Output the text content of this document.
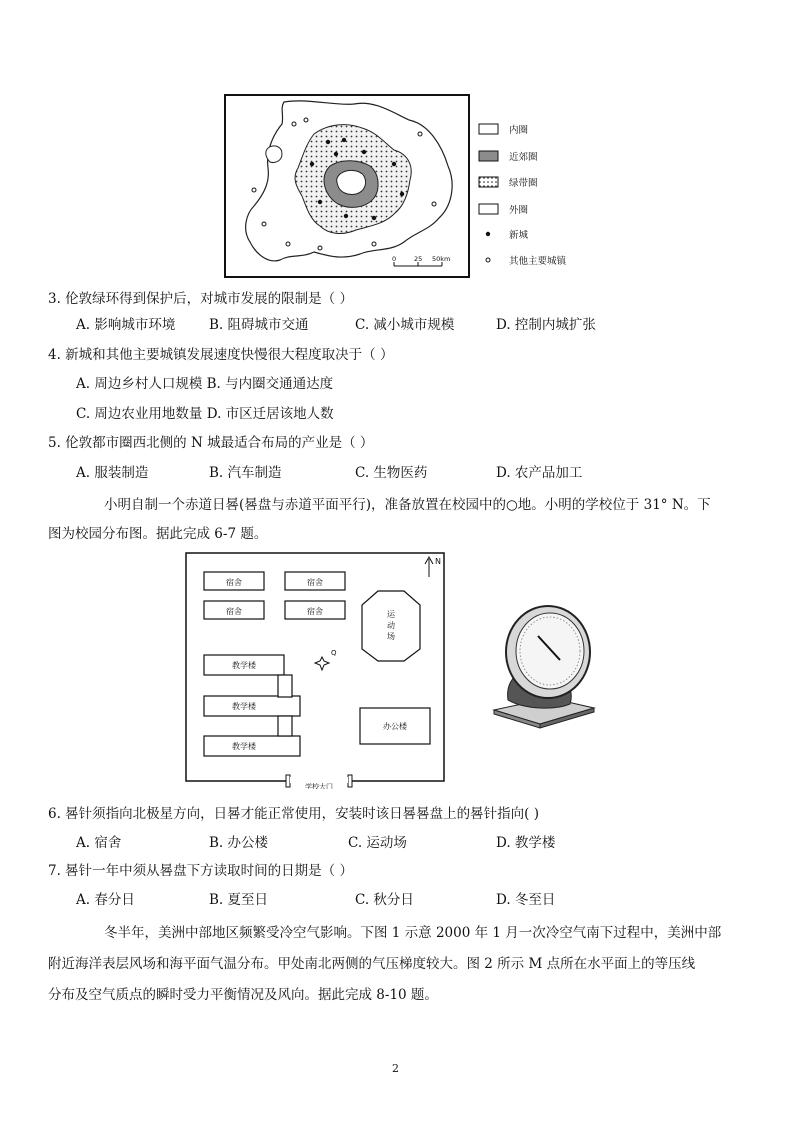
0	25 50km
内圈
近郊圈
绿带圈
外圈
新城
其他主要城镇
3. 伦敦绿环得到保护后，对城市发展的限制是（ ）
A. 影响城市环境 B. 阻碍城市交通	C. 减小城市规模	D. 控制内城扩张
4. 新城和其他主要城镇发展速度快慢很大程度取决于（ ）
A. 周边乡村人口规模 B. 与内圈交通通达度
C. 周边农业用地数量 D. 市区迁居该地人数
5. 伦敦都市圈西北侧的 N 城最适合布局的产业是（ ）
A. 服装制造	B. 汽车制造	C. 生物医药	D. 农产品加工
小明自制一个赤道日晷(晷盘与赤道平面平行)，准备放置在校园中的○地。小明的学校位于 31° N。下
图为校园分布图。据此完成 6-7 题。
宿舍	宿舍
宿舍	宿舍	运
动
场
N
教学楼
教学楼
教学楼
Q
办公楼
学校大门
6. 晷针须指向北极星方向，日晷才能正常使用，安装时该日晷晷盘上的晷针指向( )
A. 宿舍	B. 办公楼	C. 运动场	D. 教学楼
7. 晷针一年中须从晷盘下方读取时间的日期是（ ）
A. 春分日	B. 夏至日	C. 秋分日	D. 冬至日
冬半年，美洲中部地区频繁受冷空气影响。下图 1 示意 2000 年 1 月一次冷空气南下过程中，美洲中部
附近海洋表层风场和海平面气温分布。甲处南北两侧的气压梯度较大。图 2 所示 M 点所在水平面上的等压线
分布及空气质点的瞬时受力平衡情况及风向。据此完成 8-10 题。
2
